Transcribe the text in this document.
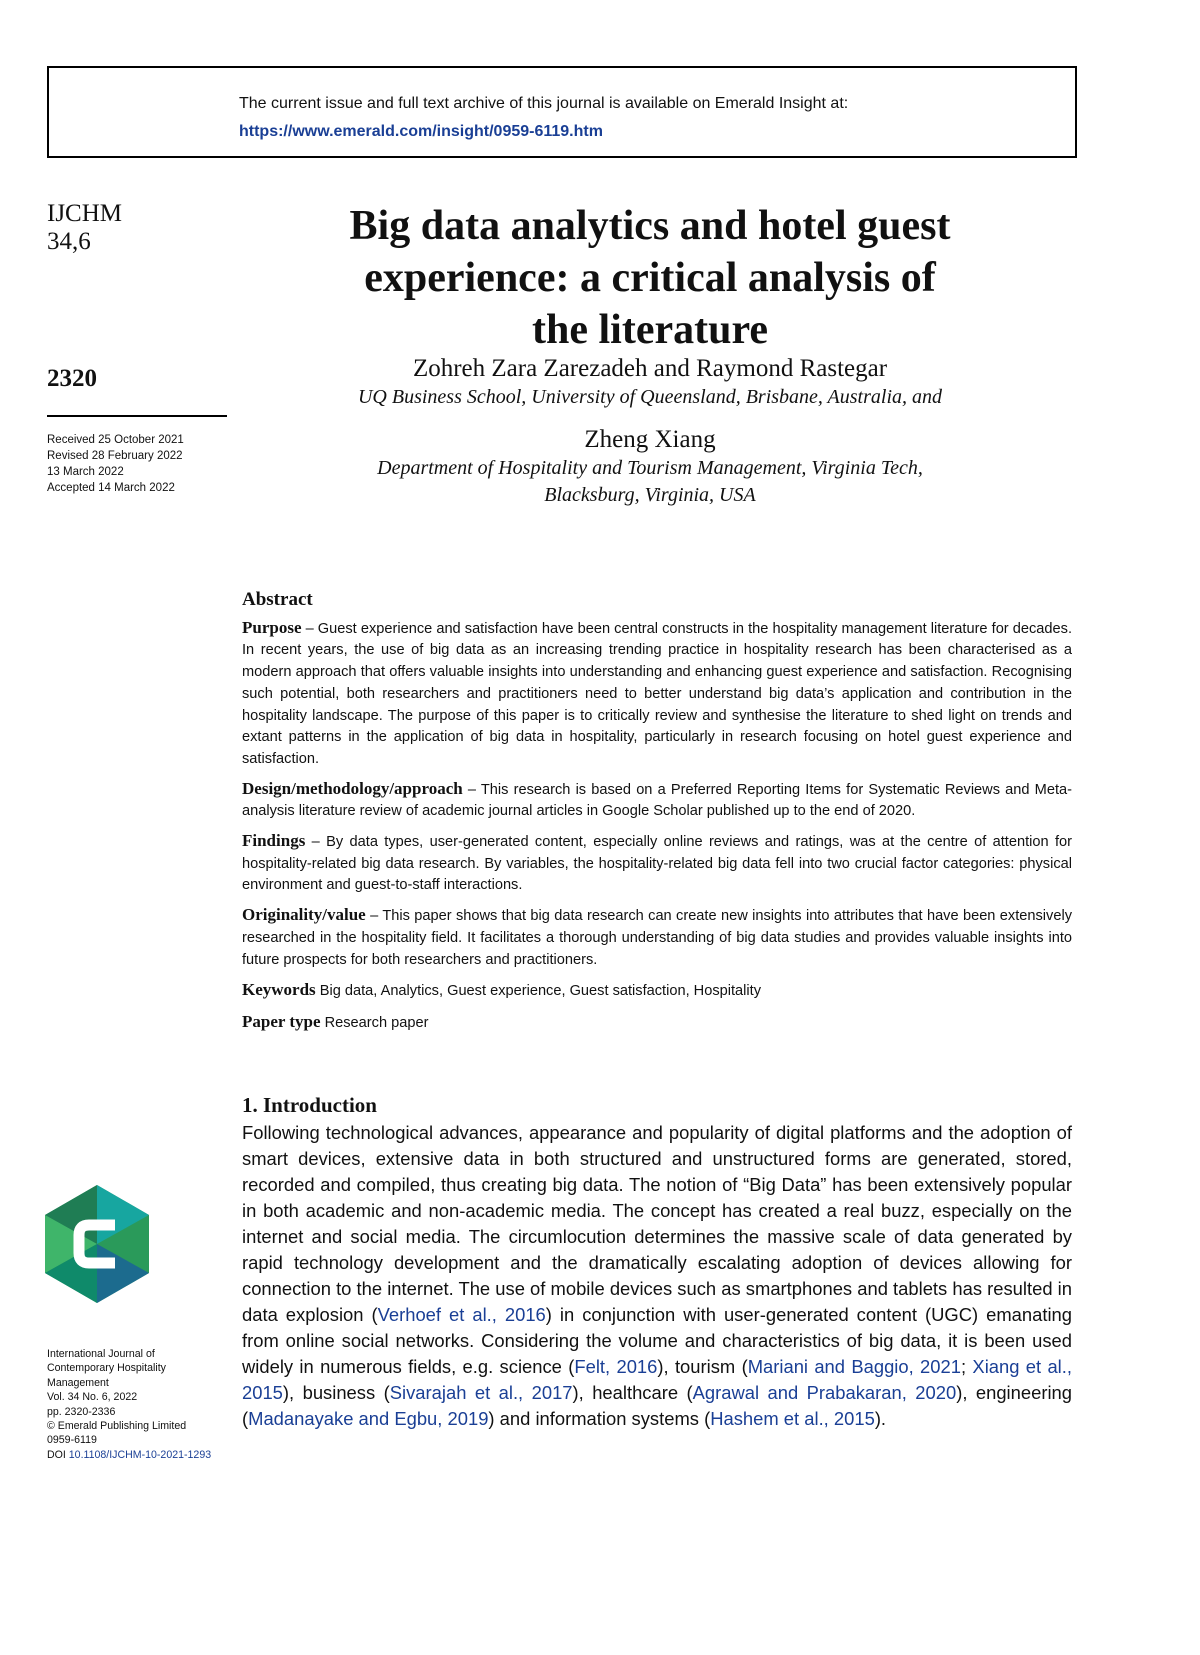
The current issue and full text archive of this journal is available on Emerald Insight at:
https://www.emerald.com/insight/0959-6119.htm
IJCHM
34,6
2320
Received 25 October 2021
Revised 28 February 2022
13 March 2022
Accepted 14 March 2022
Big data analytics and hotel guest
experience: a critical analysis of
the literature
Zohreh Zara Zarezadeh and Raymond Rastegar
UQ Business School, University of Queensland, Brisbane, Australia, and
Zheng Xiang
Department of Hospitality and Tourism Management, Virginia Tech,
Blacksburg, Virginia, USA
Abstract

Purpose – Guest experience and satisfaction have been central constructs in the hospitality management literature for decades. In recent years, the use of big data as an increasing trending practice in hospitality research has been characterised as a modern approach that offers valuable insights into understanding and enhancing guest experience and satisfaction. Recognising such potential, both researchers and practitioners need to better understand big data’s application and contribution in the hospitality landscape. The purpose of this paper is to critically review and synthesise the literature to shed light on trends and extant patterns in the application of big data in hospitality, particularly in research focusing on hotel guest experience and satisfaction.

Design/methodology/approach – This research is based on a Preferred Reporting Items for Systematic Reviews and Meta-analysis literature review of academic journal articles in Google Scholar published up to the end of 2020.

Findings – By data types, user-generated content, especially online reviews and ratings, was at the centre of attention for hospitality-related big data research. By variables, the hospitality-related big data fell into two crucial factor categories: physical environment and guest-to-staff interactions.

Originality/value – This paper shows that big data research can create new insights into attributes that have been extensively researched in the hospitality field. It facilitates a thorough understanding of big data studies and provides valuable insights into future prospects for both researchers and practitioners.

Keywords Big data, Analytics, Guest experience, Guest satisfaction, Hospitality

Paper type Research paper

1. Introduction

Following technological advances, appearance and popularity of digital platforms and the adoption of smart devices, extensive data in both structured and unstructured forms are generated, stored, recorded and compiled, thus creating big data. The notion of “Big Data” has been extensively popular in both academic and non-academic media. The concept has created a real buzz, especially on the internet and social media. The circumlocution determines the massive scale of data generated by rapid technology development and the dramatically escalating adoption of devices allowing for connection to the internet. The use of mobile devices such as smartphones and tablets has resulted in data explosion (Verhoef et al., 2016) in conjunction with user-generated content (UGC) emanating from online social networks. Considering the volume and characteristics of big data, it is been used widely in numerous fields, e.g. science (Felt, 2016), tourism (Mariani and Baggio, 2021; Xiang et al., 2015), business (Sivarajah et al., 2017), healthcare (Agrawal and Prabakaran, 2020), engineering (Madanayake and Egbu, 2019) and information systems (Hashem et al., 2015).

International Journal of
Contemporary Hospitality
Management
Vol. 34 No. 6, 2022
pp. 2320-2336
© Emerald Publishing Limited
0959-6119
DOI 10.1108/IJCHM-10-2021-1293
